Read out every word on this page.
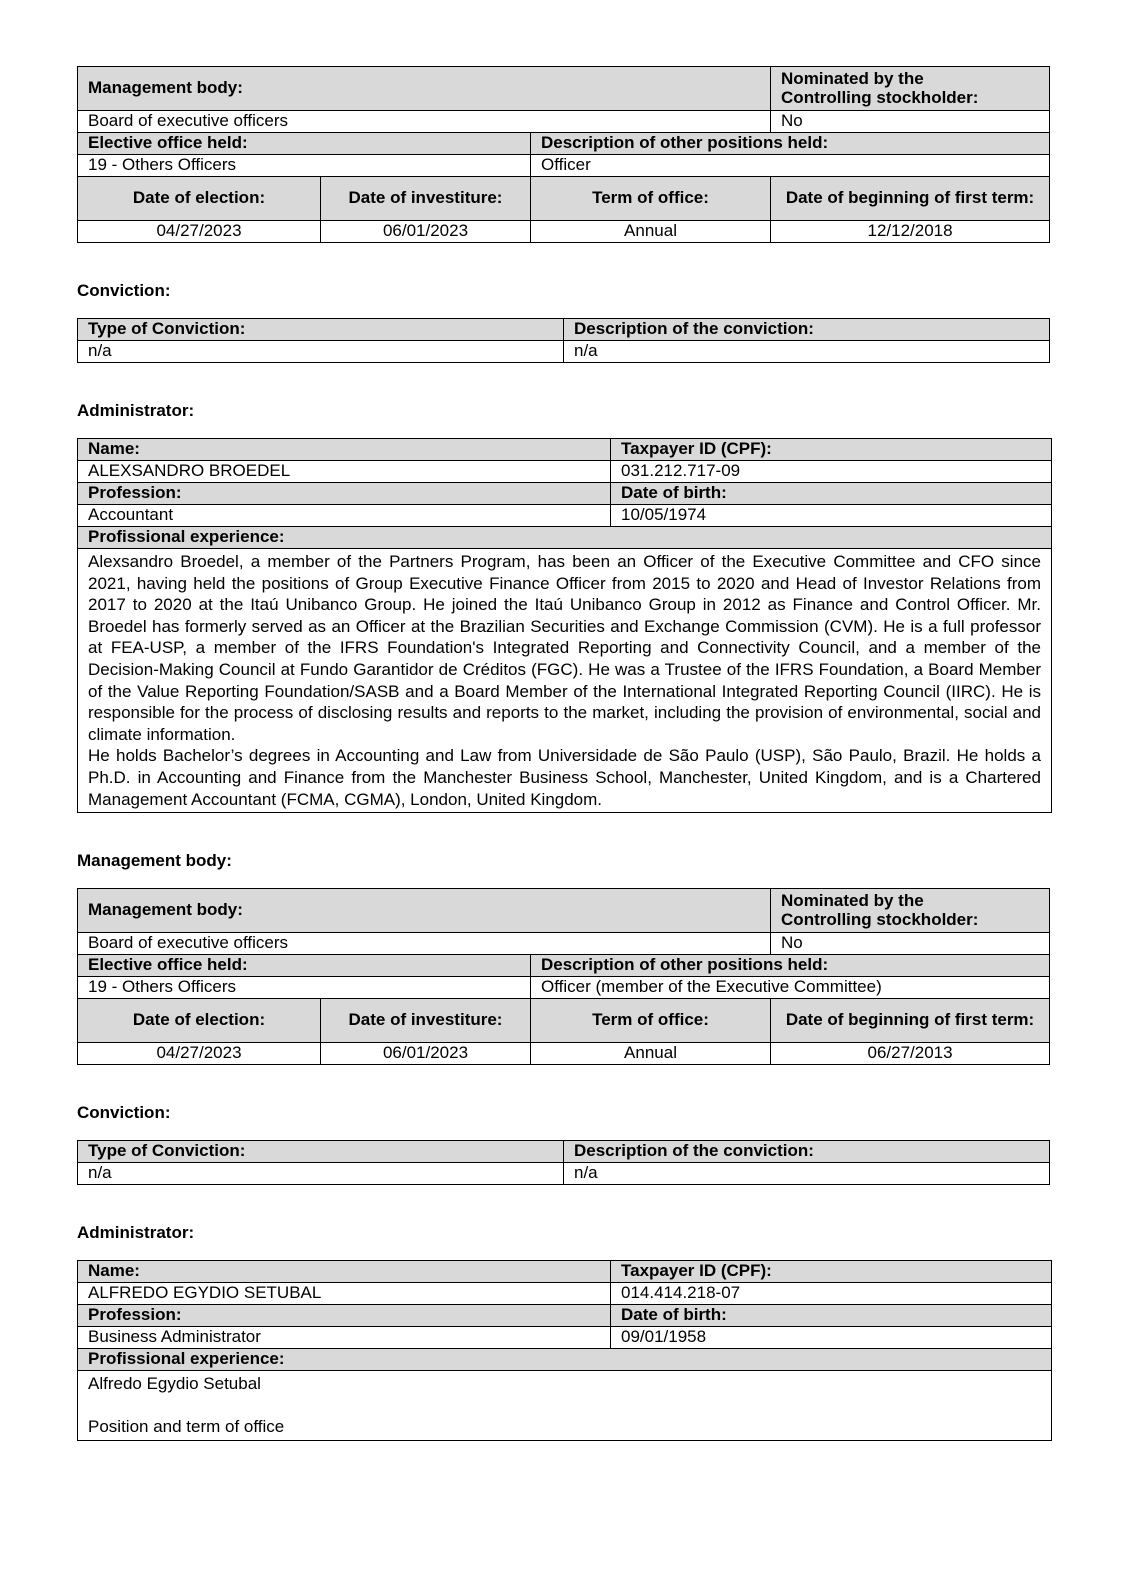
Management body:			Nominated by the
Controlling stockholder:
Board of executive officers			No
Elective office held:		Description of other positions held:	
19 - Others Officers		Officer	
Date of election:	Date of investiture:	Term of office:	Date of beginning of first term:
04/27/2023	06/01/2023	Annual	12/12/2018
Conviction:
Type of Conviction:	Description of the conviction:
n/a	n/a
Administrator:
Name:	Taxpayer ID (CPF):
ALEXSANDRO BROEDEL	031.212.717-09
Profession:	Date of birth:
Accountant	10/05/1974
Profissional experience:	

Alexsandro Broedel, a member of the Partners Program, has been an Officer of the Executive Committee and CFO since 2021, having held the positions of Group Executive Finance Officer from 2015 to 2020 and Head of Investor Relations from 2017 to 2020 at the Itaú Unibanco Group. He joined the Itaú Unibanco Group in 2012 as Finance and Control Officer. Mr. Broedel has formerly served as an Officer at the Brazilian Securities and Exchange Commission (CVM). He is a full professor at FEA-USP, a member of the IFRS Foundation's Integrated Reporting and Connectivity Council, and a member of the Decision-Making Council at Fundo Garantidor de Créditos (FGC). He was a Trustee of the IFRS Foundation, a Board Member of the Value Reporting Foundation/SASB and a Board Member of the International Integrated Reporting Council (IIRC). He is responsible for the process of disclosing results and reports to the market, including the provision of environmental, social and climate information.

He holds Bachelor’s degrees in Accounting and Law from Universidade de São Paulo (USP), São Paulo, Brazil. He holds a Ph.D. in Accounting and Finance from the Manchester Business School, Manchester, United Kingdom, and is a Chartered Management Accountant (FCMA, CGMA), London, United Kingdom.	

Management body:
Management body:			Nominated by the
Controlling stockholder:
Board of executive officers			No
Elective office held:		Description of other positions held:	
19 - Others Officers		Officer (member of the Executive Committee)	
Date of election:	Date of investiture:	Term of office:	Date of beginning of first term:
04/27/2023	06/01/2023	Annual	06/27/2013
Conviction:
Type of Conviction:	Description of the conviction:
n/a	n/a
Administrator:
Name:	Taxpayer ID (CPF):
ALFREDO EGYDIO SETUBAL	014.414.218-07
Profession:	Date of birth:
Business Administrator	09/01/1958
Profissional experience:	

Alfredo Egydio Setubal

Position and term of office	
